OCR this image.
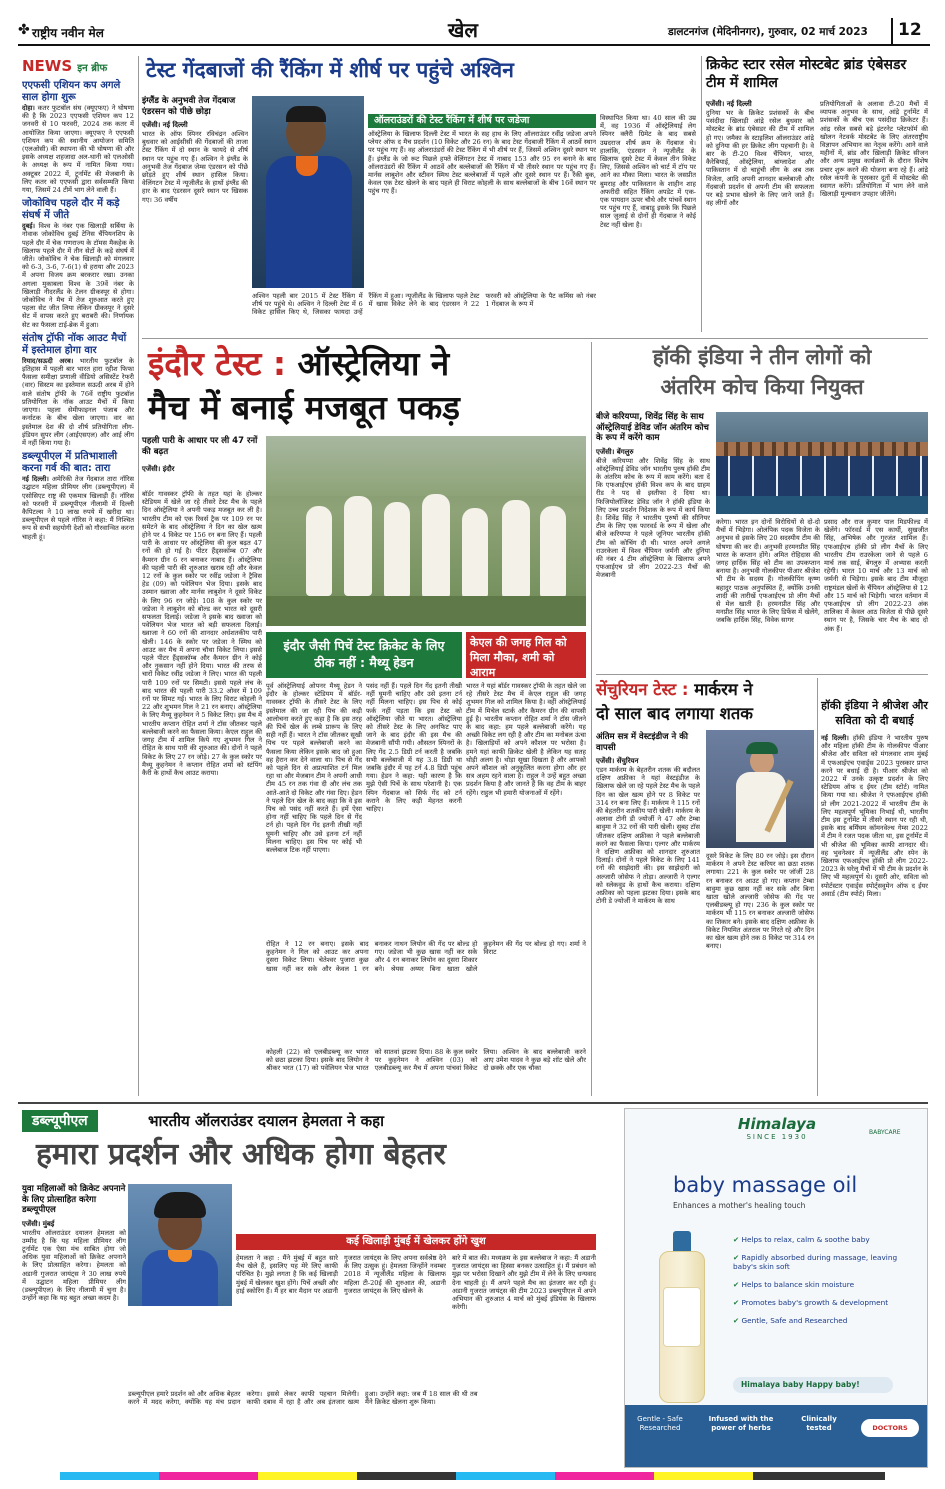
✤ राष्ट्रीय नवीन मेल	खेल	डालटनगंज (मेदिनीनगर), गुरुवार, 02 मार्च 2023 12
NEWS इन ब्रीफ
एएफसी एशियन कप अगले साल होगा शुरू

दोहा। कतर फुटबॉल संघ (क्यूएफए) ने घोषणा की है कि 2023 एएफसी एशियन कप 12 जनवरी से 10 फरवरी, 2024 तक कतर में आयोजित किया जाएगा। क्यूएफए ने एएफसी एशियन कप की स्थानीय आयोजन समिति (एलओसी) की स्थापना की भी घोषणा की और इसके अध्यक्ष शहजादा अल-थानी को एलओसी के अध्यक्ष के रूप में नामित किया गया। अक्टूबर 2022 में, टूर्नामेंट की मेजबानी के लिए कतर को एएफसी द्वारा सर्वसम्मति किया गया, जिसमें 24 टीमें भाग लेने वाली हैं।

जोकोविच पहले दौर में कड़े संघर्ष में जीते

दुबई। विश्व के नंबर एक खिलाड़ी सर्बिया के नोवाक जोकोविच दुबई टेनिस चैंपियनशिप के पहले दौर में चेक गणराज्य के टॉमस मैकहेक के खिलाफ पहले दौर में तीन सेटों के कड़े संघर्ष में जीते। जोकोविच ने चेक खिलाड़ी को मंगलवार को 6-3, 3-6, 7-6(1) से हराया और 2023 में अपना विजय क्रम बरकरार रखा। उनका अगला मुकाबला विश्व के 39वें नंबर के खिलाड़ी नीदरलैंड के टेलन ग्रीकस्पूर से होगा। जोकोविच ने मैच में तेज शुरुआत करते हुए पहला सेट जीत लिया लेकिन ग्रीकस्पूर ने दूसरे सेट में वापस करते हुए बराबरी की। निर्णायक सेट का फैसला टाई-ब्रेक में हुआ।

संतोष ट्रॉफी नॉक आउट मैचों में इस्तेमाल होगा वार

रियाद/सऊदी अरब। भारतीय फुटबॉल के इतिहास में पहली बार भारत हारा रहीश फिफा फैसला समीक्षा प्रणाली वीडियो असिस्टेंट रेफरी (वार) सिस्टम का इस्तेमाल सऊदी अरब में होने वाले संतोष ट्रॉफी के 76वें राष्ट्रीय फुटबॉल प्रतियोगिता के नॉक आउट मैचों में किया जाएगा। पहला सेमीफाइनल पंजाब और कर्नाटक के बीच खेला जाएगा। वार का इस्तेमाल देश की दो शीर्ष प्रतियोगिता लीग-इंडियन सुपर लीग (आईएसएल) और आई लीग में नहीं किया गया है।

डब्ल्यूपीएल में प्रतिभाशाली करना गर्व की बात: तारा

नई दिल्ली। अमेरिकी तेज गेंदबाज तारा नॉरिस उद्घाटन महिला प्रीमियर लीग (डब्ल्यूपीएल) में एसोसिएट राष्ट्र की एकमात्र खिलाड़ी हैं। नॉरिस को फरवरी में डब्ल्यूपीएल नीलामी में दिल्ली कैपिटल्स ने 10 लाख रुपये में खरीदा था। डब्ल्यूपीएल से पहले नॉरिस ने कहा: मैं निश्चित रूप से सभी सहयोगी देशों को गौरवान्वित करना चाहती हूं।

टेस्ट गेंदबाजों की रैंकिंग में शीर्ष पर पहुंचे अश्विन
इंग्लैंड के अनुभवी तेज गेंदबाज एंडरसन को पीछे छोड़ा
एजेंसी। नई दिल्ली

भारत के ऑफ स्पिनर रविचंद्रन अश्विन बुधवार को आईसीसी की गेंदबाजों की ताजा टेस्ट रैंकिंग में दो स्थान के फायदे से शीर्ष स्थान पर पहुंच गए हैं। अश्विन ने इंग्लैंड के अनुभवी तेज गेंदबाज जेम्स एंडरसन को पीछे छोड़ते हुए शीर्ष स्थान हासिल किया। वेलिंगटन टेस्ट में न्यूजीलैंड के हाथों इंग्लैंड की हार के बाद एंडरसन दूसरे स्थान पर खिसक गए। 36 वर्षीय

ऑलराउंडरों की टेस्ट रैंकिंग में शीर्ष पर जडेजा

ऑस्ट्रेलिया के खिलाफ दिल्ली टेस्ट में भारत के सह हाथ के लिए ऑलराउंडर रवींद्र जडेजा अपने प्लेयर ऑफ द मैच प्रदर्शन (10 विकेट और 26 रन) के बाद टेस्ट गेंदबाजी रैंकिंग में आठवें स्थान पर पहुंच गए हैं। वह ऑलराउंडरों की टेस्ट रैंकिंग में भी शीर्ष पर हैं, जिसमें अश्विन दूसरे स्थान पर हैं। इंग्लैंड के जो रूट पिछले हफ्ते वेलिंगटन टेस्ट में नाबाद 153 और 95 रन बनाने के बाद ऑलराउंडरों की रैंकिंग में आठवें और बल्लेबाजों की रैंकिंग में भी तीसरे स्थान पर पहुंच गए हैं। मार्नस लाबुशेन और स्टीवन स्मिथ टेस्ट बल्लेबाजों में पहले और दूसरे स्थान पर हैं। रैंकी बुक, केवल एक टेस्ट खेलने के बाद पहले ही विराट कोहली के साथ बल्लेबाजों के बीच 16वें स्थान पर पहुंच गए हैं।

अश्विन पहली बार 2015 में टेस्ट रैंकिंग में शीर्ष पर पहुंचे थे। अश्विन ने दिल्ली टेस्ट में 6 विकेट हासिल किए थे, जिसका फायदा उन्हें रैंकिंग में हुआ। न्यूजीलैंड के खिलाफ पहले टेस्ट में खास विकेट लेने के बाद एंडरसन ने 22 फरवरी को ऑस्ट्रेलिया के पैट कमिंस को नंबर 1 गेंदबाज के रूप में

विस्थापित किया था। 40 साल की उम्र में, वह 1936 में ऑस्ट्रेलियाई लेग स्पिनर क्लैरी ग्रिमेट के बाद सबसे उम्रदराज शीर्ष क्रम के गेंदबाज थे। हालांकि, एंडरसन ने न्यूजीलैंड के खिलाफ दूसरे टेस्ट में केवल तीन विकेट लिए, जिससे अश्विन को चार्ट में टॉप पर आने का मौका मिला। भारत के जसप्रीत बुमराह और पाकिस्तान के शाहीन शाह अफरीदी सहित रैंकिंग अपडेट में एक-एक पायदान ऊपर चौथे और पांचवें स्थान पर पहुंच गए हैं, वाबाडू इसके कि पिछले साल जुलाई से दोनों ही गेंदबाज ने कोई टेस्ट नहीं खेला है।

क्रिकेट स्टार रसेल मोस्टबेट ब्रांड एंबेसडर टीम में शामिल
एजेंसी। नई दिल्ली

दुनिया भर के क्रिकेट प्रशंसकों के बीच पसंदीदा खिलाड़ी आंद्रे रसेल बुधवार को मोस्टबेट के ब्रांड एंबेसडर की टीम में शामिल हो गए। जमैका के स्टाइलिश ऑलराउंडर आंद्रे को दुनिया की हर क्रिकेट लीग पहचानी है। वे बार के टी-20 विश्व चैंपियन, भारत, कैरेबियाई, ऑस्ट्रेलिया, बांग्लादेश और पाकिस्तान में दो चाहुंची लीग के अब तक विजेता, आदि अपनी शानदार बल्लेबाजी और गेंदबाजी प्रदर्शन से अपनी टीम की सफलता पर बड़े प्रभाव खेलने के लिए जाने जाते हैं। वह लीगों और

प्रतियोगिताओं के अलावा टी-20 मैचों में व्यापक अनुभव के साथ, आंद्रे टूर्नामेंट में प्रशंसकों के बीच एक पसंदीदा क्रिकेटर हैं। आंद्र रसेल सबसे बड़े इंटरनेट प्लेटफॉर्म की खोलन नेटवर्क मोस्टबेट के लिए अंतरराष्ट्रीय विज्ञापन अभियान का नेतृत्व करेंगे। आने वाले महीनों में, ब्रांड और ख़िलाड़ी क्रिकेट सीजन और अन्य प्रमुख कार्यक्रमों के दौरान विशेष प्रचार शुरू करने की योजना बना रहे हैं। आंद्रे रसेल कंपनी के पुरस्कार दूतों में मोस्टबेट की स्वागत करेंगे। प्रतियोगिता में भाग लेने वाले खिलाड़ी मूल्यवान उपहार जीतेंगे।

इंदौर टेस्ट : ऑस्ट्रेलिया ने
मैच में बनाई मजबूत पकड़
पहली पारी के आधार पर ली 47 रनों की बढ़त
एजेंसी। इंदौर

बॉर्डर गावस्कर ट्रॉफी के तहत यहां के होल्कर स्टेडियम में खेले जा रहे तीसरे टेस्ट मैच के पहले दिन ऑस्ट्रेलिया ने अपनी पकड़ मजबूत कर ली है। भारतीय टीम को एक रिवर्स ट्रैक पर 109 रन पर समेटने के बाद ऑस्ट्रेलिया ने दिन का खेल खत्म होने पर 4 विकेट पर 156 रन बना लिए हैं। पहली पारी के आधार पर ऑस्ट्रेलिया की कुल बढ़त 47 रनों की हो गई है। पीटर हैंड्सकॉम्ब 07 और कैमरन ग्रीन 6 रन बनाकर नाबाद हैं। ऑस्ट्रेलिया की पहली पारी की शुरुआत खराब रही और केवल 12 रनों के कुल स्कोर पर रवींद्र जडेजा ने ट्रैविस हेड (09) को पवेलियन भेज दिया। इसके बाद उस्मान ख्वाजा और मार्नस लाबुशेन ने दूसरे विकेट के लिए 96 रन जोड़े। 108 के कुल स्कोर पर जडेजा ने लाबुशेन को बोल्ड कर भारत को दूसरी सफलता दिलाई। जडेजा ने इसके बाद ख्वाजा को पवेलियन भेज भारत को बड़ी सफलता दिलाई। ख्वाजा ने 60 रनों की शानदार अर्धशतकीय पारी खेली। 146 के स्कोर पर जडेजा ने स्मिथ को आउट कर मैच में अपना चौथा विकेट लिया। इससे पहले पीटर हैंड्सकॉम्ब और कैमरन ग्रीन ने कोई और नुकसान नहीं होने दिया। भारत की तरफ से चारों विकेट रवींद्र जडेजा ने लिए। भारत की पहली पारी 109 रनों पर सिमटी। इससे पहले लंच के बाद भारत की पहली पारी 33.2 ओवर में 109 रनों पर सिमट गई। भारत के लिए विराट कोहली ने 22 और शुभमन गिल ने 21 रन बनाए। ऑस्ट्रेलिया के लिए मैथ्यू कुहनेमन ने 5 विकेट लिए। इस मैच में भारतीय कप्तान रोहित शर्मा ने टॉस जीतकर पहले बल्लेबाजी करने का फैसला किया। केएल राहुल की जगह टीम में शामिल किये गए शुभमन गिल ने रोहित के साथ पारी की शुरुआत की। दोनों ने पहले विकेट के लिए 27 रन जोड़े। 27 के कुल स्कोर पर मैथ्यू कुहनेमन ने कप्तान रोहित शर्मा को स्टंपिंग कैरी के हाथों कैच आउट कराया।

इंदौर जैसी पिचें टेस्ट क्रिकेट के लिए ठीक नहीं : मैथ्यू हेडन

पूर्व ऑस्ट्रेलियाई ओपनर मैथ्यू हेडन ने इंदौर के होल्कर स्टेडियम में बॉर्डर-गावस्कर ट्रॉफी के तीसरे टेस्ट के लिए इस्तेमाल की जा रही पिच की कड़ी आलोचना करते हुए कहा है कि इस तरह की पिचें खेल के लम्बे प्रारूप के लिए सही नहीं हैं। भारत ने टॉस जीतकर सूखी पिच पर पहले बल्लेबाजी करने का फैसला किया लेकिन इसके बाद जो हुआ वह हैरान कर देने वाला था। पिच से गेंद को पहले दिन से अप्रत्याशित टर्न मिल रहा था और मेजबान टीम ने अपनी आधी टीम 45 रन तक गंवा दी और लंच तक आते-आते दो विकेट और गंवा दिए। हेडन ने पहले दिन खेल के बाद कहा कि वे इस पिच को पसंद नहीं करते हैं। हमें ऐसा होना नहीं चाहिए कि पहले दिन से गेंद टर्न हो। पहले दिन गेंद इतनी तीखी नहीं घूमनी चाहिए और उसे इतना टर्न नहीं मिलना चाहिए। इस पिच पर कोई भी बल्लेबाज टिक नहीं पाएगा।

पसंद नहीं हैं। पहले दिन गेंद इतनी तीखी नहीं घूमनी चाहिए और उसे इतना टर्न नहीं मिलना चाहिए। इस पिच से कोई फर्क नहीं पड़ता कि इस टेस्ट को ऑस्ट्रेलिया जीते या भारत। ऑस्ट्रेलिया को तीसरे टेस्ट के लिए अनफिट पाए जाने के बाद इंदौर की इस मैच की मेजबानी सौंपी गयी। औसतन स्पिनरों के लिए गेंद 2.5 डिग्री टर्न करती है जबकि सभी बल्लेबाजी में यह 3.8 डिग्री था जबकि इंदौर में यह टर्न 4.8 डिग्री पहुंच गया। हेडन ने कहा: यही कारण है कि मुझे ऐसी पिचें के साथ परेशानी है। एक स्पिन गेंदबाज को सिर्फ गेंद को टर्न कराने के लिए कड़ी मेहनत करनी चाहिए।

केएल की जगह गिल को मिला मौका, शमी को आराम

भारत ने यहां बॉर्डर गावस्कर ट्रॉफी के तहत खेले जा रहे तीसरे टेस्ट मैच में केएल राहुल की जगह शुभमन गिल को शामिल किया है। वहीं ऑस्ट्रेलियाई टीम में मिचेल स्टार्क और कैमरन ग्रीन की वापसी हुई है। भारतीय कप्तान रोहित शर्मा ने टॉस जीतने के बाद कहा: हम पहले बल्लेबाजी करेंगे। यह अच्छी विकेट लग रही है और टीम का मनोबल ऊंचा है। खिलाड़ियों को अपने कौशल पर भरोसा है। हमने यहां काफी क्रिकेट खेली है लेकिन यह सतह थोड़ी अलग है। थोड़ा सूखा दिखता है और आपको अपने कौशल को अनुकूलित करना होगा और हर सत्र अहम रहने वाला है। राहुल ने उन्हें बहुत अच्छा प्रदर्शन किया है और जानते हैं कि वह टीम के बाहर रहेंगे। राहुल भी हमारी योजनाओं में रहेंगे।

रोहित ने 12 रन बनाए। इसके बाद कुहनेमन ने गिल को आउट कर अपना दूसरा विकेट लिया। चेतेश्वर पुजारा कुछ खास नहीं कर सके और केवल 1 रन बनाकर नाथन लियोन की गेंद पर बोल्ड हो गए। जडेजा भी कुछ खास नहीं कर सके और 4 रन बनाकर लियोन का दूसरा शिकार बने। श्रेयस अय्यर बिना खाता खोले कुहनेमन की गेंद पर बोल्ड हो गए। शर्मा ने विराट

कोहली (22) को एलबीडब्ल्यू कर भारत को छठा झटका दिया। इसके बाद लियोन ने श्रीकर भरत (17) को पवेलियन भेज भारत को सातवां झटका दिया। 88 के कुल स्कोर पर कुहनेमन ने अश्विन (03) को एलबीडब्ल्यू कर मैच में अपना पांचवां विकेट लिया। अश्विन के बाद बल्लेबाजी करने आए उमेश यादव ने कुछ बड़े शॉट खेले और दो छक्के और एक चौका

हॉकी इंडिया ने तीन लोगों को
अंतरिम कोच किया नियुक्त
बीजे करियप्पा, शिवेंद्र सिंह के साथ ऑस्ट्रेलियाई डेविड जॉन अंतरिम कोच के रूप में करेंगे काम
एजेंसी। बेंगलुरु

बीजे करियप्पा और शिवेंद्र सिंह के साथ ऑस्ट्रेलियाई डेविड जॉन भारतीय पुरुष हॉकी टीम के अंतरिम कोच के रूप में काम करेंगे। बता दें कि एफआईएच हॉकी विश्व कप के बाद ग्राहम रीड ने पद से इस्तीफा दे दिया था। फिजियोलॉजिस्ट डेविड जॉन ने हॉकी इंडिया के लिए उच्च प्रदर्शन निदेशक के रूप में कार्य किया है। शिवेंद्र सिंह ने भारतीय पुरुषों की सीनियर टीम के लिए एक फारवर्ड के रूप में खेला और बीजे करियप्पा ने पहले जूनियर भारतीय हॉकी टीम को कोचिंग दी थी। भारत अपने अगले राउरकेला में विश्व चैंपियन जर्मनी और दुनिया की नंबर 4 टीम ऑस्ट्रेलिया के खिलाफ अपने एफआईएच प्रो लीग 2022-23 मैचों की मेजबानी

करेगा। भारत इन दोनों विरोधियों से दो-दो मैचों में भिड़ेगा। ओलंपिक पदक विजेता के अनुभव से इसके लिए 20 सदस्यीय टीम की घोषणा की कर दी। अनुभवी हरमनप्रीत सिंह भारत के कप्तान होंगे। अमित रोहिदास की जगह हार्दिक सिंह को टीम का उपकप्तान बनाया है। अनुभवी गोलकीपर पीआर श्रीजेश भी टीम के सदस्य हैं। गोलकीपिंग कृष्ण बहादुर पाठक अनुपस्थित हैं, क्योंकि उनकी शादी की तारीखें एफआईएच प्रो लीग मैचों से मेल खाती हैं। हरमनप्रीत सिंह और मनप्रीत सिंह भारत के लिए डिफेंस में खेलेंगे, जबकि हार्दिक सिंह, विवेक सागर

प्रसाद और राज कुमार पाल मिडफील्ड में खेलेंगे। फॉरवर्ड में एस कार्थी, सुखजीत सिंह, अभिषेक और गुरजंत शामिल हैं। एफआईएच हॉकी प्रो लीग मैचों के लिए भारतीय टीम राउरकेला जाने से पहले 6 मार्च तक साई, बेंगलुरु में अभ्यास करती रहेगी। भारत 10 मार्च और 13 मार्च को जर्मनी से भिड़ेगा। इसके बाद टीम मौजूदा राष्ट्रमंडल खेलों के चैंपियन ऑस्ट्रेलिया से 12 और 15 मार्च को भिड़ेगी। भारत वर्तमान में एफआईएच प्रो लीग 2022-23 अंक तालिका में केवल आठ विजेता से पीछे दूसरे स्थान पर है, जिसके चार मैच के बाद दो अंक हैं।

सेंचुरियन टेस्ट : मार्करम ने
दो साल बाद लगाया शतक
अंतिम सत्र में वेस्टइंडीज ने की वापसी
एजेंसी। सेंचुरियन

एडन मार्करम के बेहतरीन शतक की बदौलत दक्षिण अफ्रीका ने यहां वेस्टइंडीज के खिलाफ खेले जा रहे पहले टेस्ट मैच के पहले दिन का खेल खत्म होने पर 8 विकेट पर 314 रन बना लिए हैं। मार्करम ने 115 रनों की बेहतरीन शतकीय पारी खेली। मार्करम के अलावा टोनी डी ज्योर्जी ने 47 और टेम्बा बावुमा ने 32 रनों की पारी खेली। सुबह टॉस जीतकर दक्षिण अफ्रीका ने पहले बल्लेबाजी करने का फैसला किया। एल्गर और मार्करम ने दक्षिण अफ्रीका को शानदार शुरुआत दिलाई। दोनों ने पहले विकेट के लिए 141 रनों की साझेदारी की। इस साझेदारी को अल्जारी जोसेफ ने तोड़ा। अल्जारी ने एल्गर को स्लेकवुड के हाथों कैच कराया। दक्षिण अफ्रीका को पहला झटका दिया। इसके बाद टोनी डे ज्योर्जी ने मार्करम के साथ

दूसरे विकेट के लिए 80 रन जोड़े। इस दौरान मार्करम ने अपने टेस्ट करियर का छठा शतक लगाया। 221 के कुल स्कोर पर जॉर्जी 28 रन बनाकर रन आउट हो गए। कप्तान टेम्बा बावुमा कुछ खास नहीं कर सके और बिना खाता खोले अल्जारी जोसेफ की गेंद पर एलबीडब्ल्यू हो गए। 236 के कुल स्कोर पर मार्करम भी 115 रन बनाकर अल्जारी जोसेफ का शिकार बने। इसके बाद दक्षिण अफ्रीका के विकेट नियमित अंतराल पर गिरते रहे और दिन का खेल खत्म होने तक 8 विकेट पर 314 रन बनाए।

हॉकी इंडिया ने श्रीजेश और सविता को दी बधाई

नई दिल्ली। हॉकी इंडिया ने भारतीय पुरुष और महिला हॉकी टीम के गोलकीपर पीआर श्रीजेश और सविता को मंगलवार शाम मुंबई में एफआईएच एवार्ड्स 2023 पुरस्कार प्राप्त करने पर बधाई दी है। पीआर श्रीजेश को 2022 में उनके उत्कृष्ट प्रदर्शन के लिए स्टेडियम ऑफ द ईयर (टीम स्टोर्ट) नामित किया गया था। श्रीजेश ने एफआईएच हॉकी प्रो लीग 2021-2022 में भारतीय टीम के लिए महत्वपूर्ण भूमिका निभाई थी, भारतीय टीम इस टूर्नामेंट में तीसरे स्थान पर रही थी, इसके बाद बर्मिंघम कॉमनवेल्थ गेम्स 2022 में टीम ने रजत पदक जीता था, इस टूर्नामेंट में भी श्रीजेश की भूमिका काफी शानदार थी। वह भुवनेश्वर में न्यूजीलैंड और स्पेन के खिलाफ एफआईएच हॉकी प्रो लीग 2022-2023 के घरेलू मैचों में भी टीम के प्रदर्शन के लिए भी महत्वपूर्ण थे। दूसरी ओर, सविता को स्पोर्टस्टार एवार्ड्स स्पोर्ट्सवुमेन ऑफ द ईयर अवार्ड (टीम स्पोर्ट) मिला।

डब्ल्यूपीएल	भारतीय ऑलराउंडर दयालन हेमलता ने कहा
हमारा प्रदर्शन और अधिक होगा बेहतर
युवा महिलाओं को क्रिकेट अपनाने के लिए प्रोत्साहित करेगा डब्ल्यूपीएल
एजेंसी। मुंबई

भारतीय ऑलराउंडर दयालन हेमलता को उम्मीद है कि यह महिला प्रीमियर लीग टूर्नामेंट एक ऐसा मंच साबित होगा जो अधिक युवा महिलाओं को क्रिकेट अपनाने के लिए प्रोत्साहित करेगा। हेमलता को अडानी गुजरात जायंट्स ने 30 लाख रुपये में उद्घाटन महिला प्रीमियर लीग (डब्ल्यूपीएल) के लिए नीलामी में चुना है। उन्होंने कहा कि यह बहुत अच्छा कदम है।

कई खिलाड़ी मुंबई में खेलकर होंगे खुश

हेमलता ने कहा : मैंने मुंबई में बहुत सारे मैच खेले हैं, इसलिए यह मेरे लिए काफी परिचित है। मुझे लगता है कि कई खिलाड़ी मुंबई में खेलकर खुश होंगे। पिचें अच्छी और हाई स्कोरिंग हैं। मैं हर बार मैदान पर अडानी गुजरात जायंट्स के लिए अपना सर्वश्रेष्ठ देने के लिए उत्सुक हूं। हेमलता जिन्होंने नवम्बर 2018 में न्यूजीलैंड महिला के खिलाफ महिला टी-20ई की शुरुआत की, अडानी गुजरात जायंट्स के लिए खेलने के

बारे में बात की। मध्यक्रम के इस बल्लेबाज ने कहा: मैं अडानी गुजरात जायंट्स का हिस्सा बनकर उत्साहित हूं। मैं प्रबंधन को मुझ पर भरोसा दिखाने और मुझे टीम में लेने के लिए धन्यवाद देना चाहती हूं। मैं अपने पहले मैच का इंतजार कर रही हूं। अडानी गुजरात जायंट्स की टीम 2023 डब्ल्यूपीएल में अपने अभियान की शुरुआत 4 मार्च को मुंबई इंडियंस के खिलाफ करेगी।

डब्ल्यूपीएल हमारे प्रदर्शन को और अधिक बेहतर करने में मदद करेगा, क्योंकि यह मंच प्रदान करेगा। इससे लेकर काफी पहचान मिलेगी। काफी दबाव में रहा है और अब इंतजार खत्म हुआ। उन्होंने कहा: जब मैं 18 साल की थी तब मैंने क्रिकेट खेलना शुरू किया।

Himalaya
SINCE 1930
BABYCARE
baby massage oil
Enhances a mother's healing touch
✔ Helps to relax, calm & soothe baby
✔ Rapidly absorbed during massage, leaving baby's skin soft
✔ Helps to balance skin moisture
✔ Promotes baby's growth & development
✔ Gentle, Safe and Researched
Himalaya baby Happy baby!
Gentle - Safe Researched
Infused with the power of herbs
Clinically tested	DOCTORS
